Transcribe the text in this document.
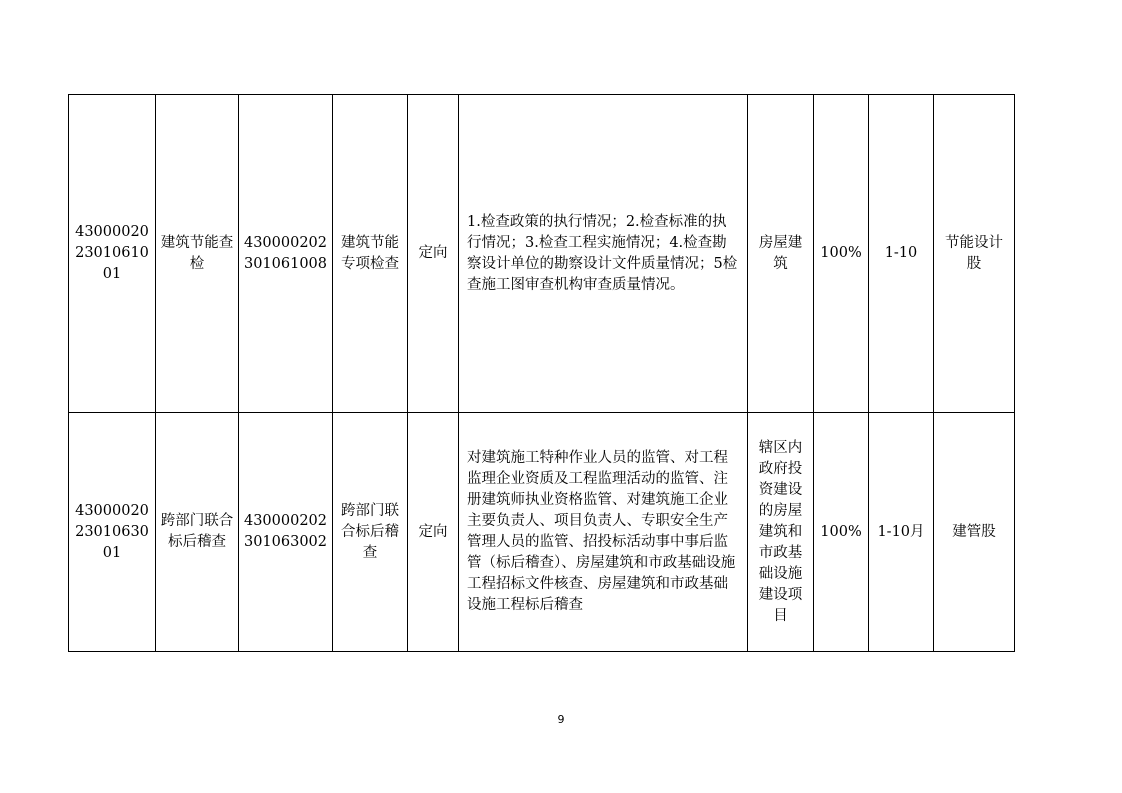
430000202301061001	建筑节能查检	430000202301061008	建筑节能专项检查	定向	1.检查政策的执行情况；2.检查标准的执行情况；3.检查工程实施情况；4.检查勘察设计单位的勘察设计文件质量情况；5检查施工图审查机构审查质量情况。	房屋建筑	100%	1-10	节能设计股
430000202301063001	跨部门联合标后稽查	430000202301063002	跨部门联合标后稽查	定向	对建筑施工特种作业人员的监管、对工程监理企业资质及工程监理活动的监管、注册建筑师执业资格监管、对建筑施工企业主要负责人、项目负责人、专职安全生产管理人员的监管、招投标活动事中事后监管（标后稽查）、房屋建筑和市政基础设施工程招标文件核查、房屋建筑和市政基础设施工程标后稽查	辖区内政府投资建设的房屋建筑和市政基础设施建设项目	100%	1-10月	建管股
9
